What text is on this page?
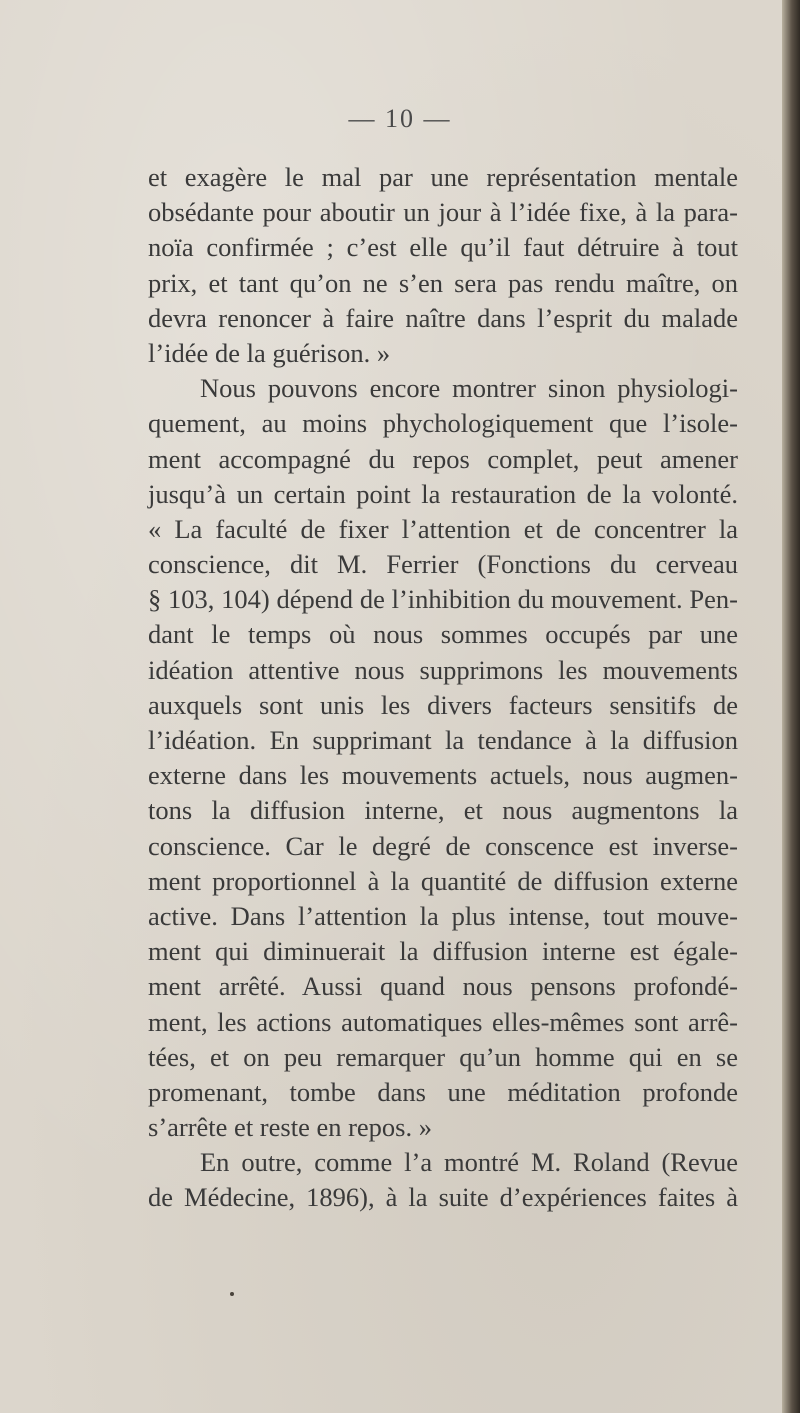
— 10 —
et exagère le mal par une représentation mentale
obsédante pour aboutir un jour à l’idée fixe, à la para-
noïa confirmée ; c’est elle qu’il faut détruire à tout
prix, et tant qu’on ne s’en sera pas rendu maître, on
devra renoncer à faire naître dans l’esprit du malade
l’idée de la guérison. »
Nous pouvons encore montrer sinon physiologi-
quement, au moins phychologiquement que l’isole-
ment accompagné du repos complet, peut amener
jusqu’à un certain point la restauration de la volonté.
« La faculté de fixer l’attention et de concentrer la
conscience, dit M. Ferrier (Fonctions du cerveau
§ 103, 104) dépend de l’inhibition du mouvement. Pen-
dant le temps où nous sommes occupés par une
idéation attentive nous supprimons les mouvements
auxquels sont unis les divers facteurs sensitifs de
l’idéation. En supprimant la tendance à la diffusion
externe dans les mouvements actuels, nous augmen-
tons la diffusion interne, et nous augmentons la
conscience. Car le degré de conscence est inverse-
ment proportionnel à la quantité de diffusion externe
active. Dans l’attention la plus intense, tout mouve-
ment qui diminuerait la diffusion interne est égale-
ment arrêté. Aussi quand nous pensons profondé-
ment, les actions automatiques elles-mêmes sont arrê-
tées, et on peu remarquer qu’un homme qui en se
promenant, tombe dans une méditation profonde
s’arrête et reste en repos. »
En outre, comme l’a montré M. Roland (Revue
de Médecine, 1896), à la suite d’expériences faites à
